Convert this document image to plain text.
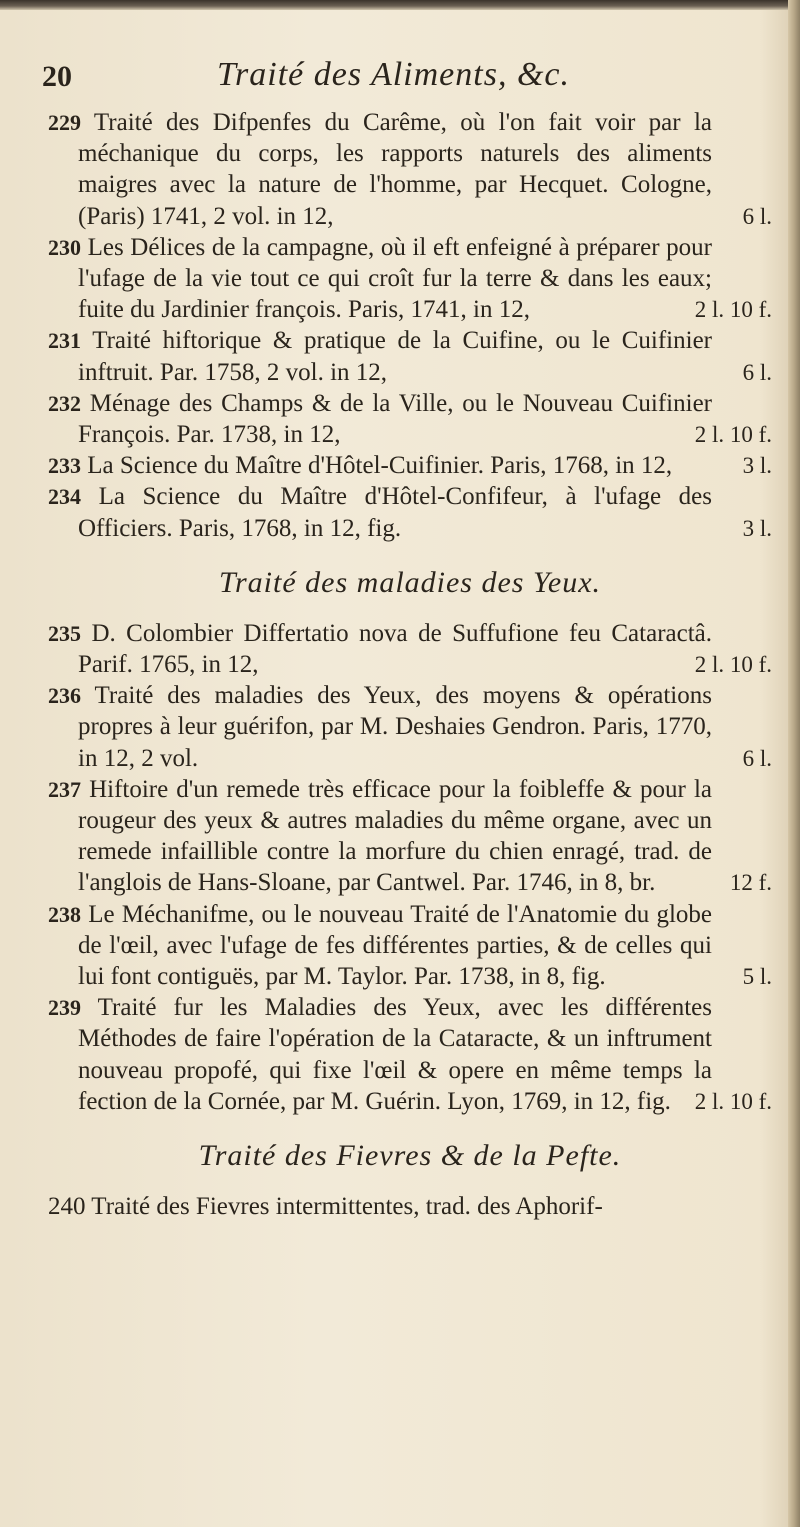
20	Traité des Aliments, &c.
229 Traité des Difpenfes du Carême, où l'on fait voir par la méchanique du corps, les rapports naturels des aliments maigres avec la nature de l'homme, par Hecquet. Cologne, (Paris) 1741, 2 vol. in 12,	6 l.
230 Les Délices de la campagne, où il eft enfeigné à préparer pour l'ufage de la vie tout ce qui croît fur la terre & dans les eaux; fuite du Jardinier françois. Paris, 1741, in 12,	2 l. 10 f.
231 Traité hiftorique & pratique de la Cuifine, ou le Cuifinier inftruit. Par. 1758, 2 vol. in 12,	6 l.
232 Ménage des Champs & de la Ville, ou le Nouveau Cuifinier François. Par. 1738, in 12,	2 l. 10 f.
233 La Science du Maître d'Hôtel-Cuifinier. Paris, 1768, in 12,	3 l.
234 La Science du Maître d'Hôtel-Confifeur, à l'ufage des Officiers. Paris, 1768, in 12, fig.	3 l.
Traité des maladies des Yeux.
235 D. Colombier Differtatio nova de Suffufione feu Cataractâ. Parif. 1765, in 12,	2 l. 10 f.
236 Traité des maladies des Yeux, des moyens & opérations propres à leur guérifon, par M. Deshaies Gendron. Paris, 1770, in 12, 2 vol.	6 l.
237 Hiftoire d'un remede très efficace pour la foibleffe & pour la rougeur des yeux & autres maladies du même organe, avec un remede infaillible contre la morfure du chien enragé, trad. de l'anglois de Hans-Sloane, par Cantwel. Par. 1746, in 8, br.	12 f.
238 Le Méchanifme, ou le nouveau Traité de l'Anatomie du globe de l'œil, avec l'ufage de fes différentes parties, & de celles qui lui font contiguës, par M. Taylor. Par. 1738, in 8, fig.	5 l.
239 Traité fur les Maladies des Yeux, avec les différentes Méthodes de faire l'opération de la Cataracte, & un inftrument nouveau propofé, qui fixe l'œil & opere en même temps la fection de la Cornée, par M. Guérin. Lyon, 1769, in 12, fig.	2 l. 10 f.
Traité des Fievres & de la Pefte.
240 Traité des Fievres intermittentes, trad. des Aphorif-
